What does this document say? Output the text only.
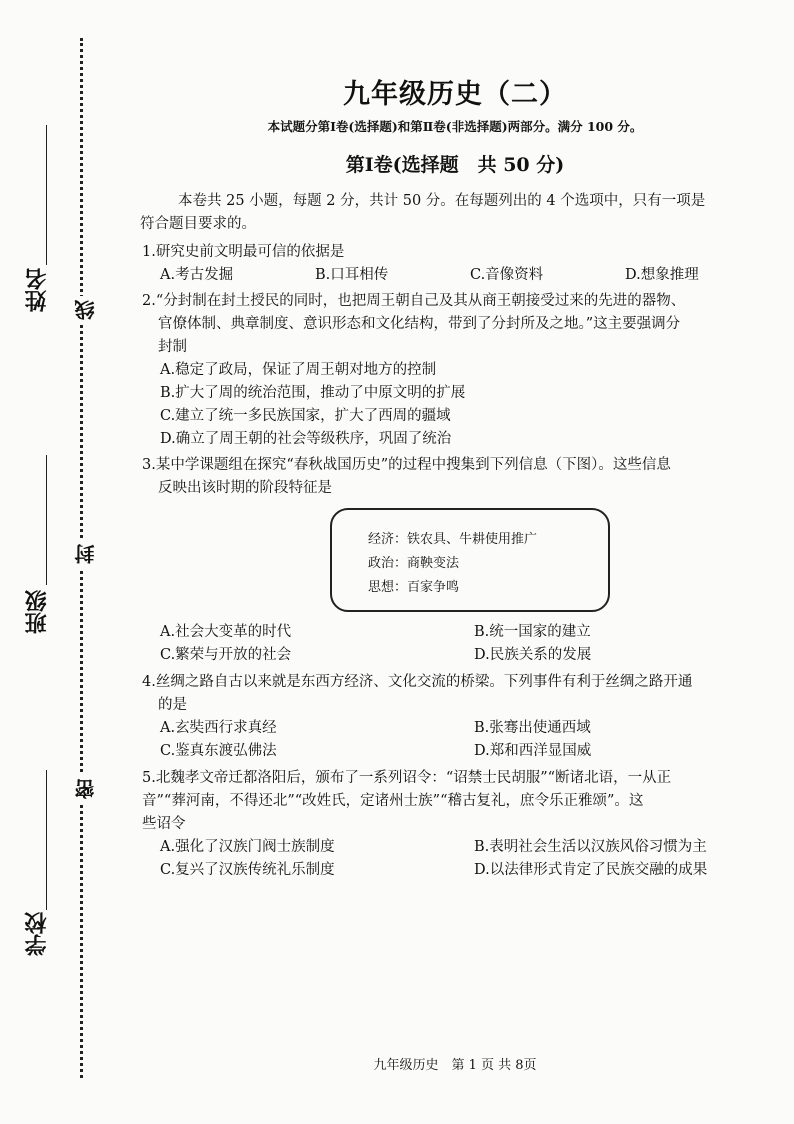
姓名
班级
学校
线
封
密
九年级历史（二）
本试题分第Ⅰ卷(选择题)和第Ⅱ卷(非选择题)两部分。满分 100 分。
第Ⅰ卷(选择题　共 50 分)
本卷共 25 小题，每题 2 分，共计 50 分。在每题列出的 4 个选项中，只有一项是
符合题目要求的。
1.研究史前文明最可信的依据是
A.考古发掘	B.口耳相传	C.音像资料	D.想象推理
2.“分封制在封土授民的同时，也把周王朝自己及其从商王朝接受过来的先进的器物、
官僚体制、典章制度、意识形态和文化结构，带到了分封所及之地。”这主要强调分
封制
A.稳定了政局，保证了周王朝对地方的控制
B.扩大了周的统治范围，推动了中原文明的扩展
C.建立了统一多民族国家，扩大了西周的疆域
D.确立了周王朝的社会等级秩序，巩固了统治
3.某中学课题组在探究“春秋战国历史”的过程中搜集到下列信息（下图）。这些信息
反映出该时期的阶段特征是
经济：铁农具、牛耕使用推广
政治：商鞅变法
思想：百家争鸣
A.社会大变革的时代	B.统一国家的建立
C.繁荣与开放的社会	D.民族关系的发展
4.丝绸之路自古以来就是东西方经济、文化交流的桥梁。下列事件有利于丝绸之路开通
的是
A.玄奘西行求真经	B.张骞出使通西域
C.鉴真东渡弘佛法	D.郑和西洋显国威
5.北魏孝文帝迁都洛阳后，颁布了一系列诏令：“诏禁士民胡服”“断诸北语，一从正
音”“葬河南，不得还北”“改姓氏，定诸州士族”“稽古复礼，庶令乐正雅颂”。这
些诏令
A.强化了汉族门阀士族制度	B.表明社会生活以汉族风俗习惯为主
C.复兴了汉族传统礼乐制度	D.以法律形式肯定了民族交融的成果
九年级历史　第 1 页 共 8页
